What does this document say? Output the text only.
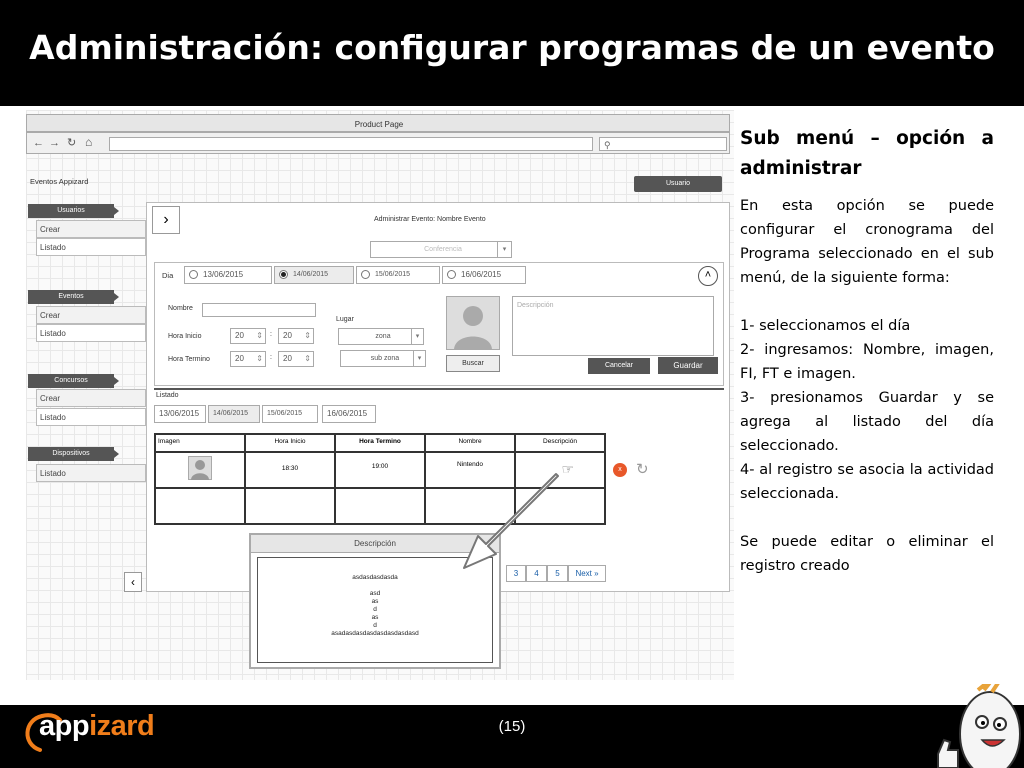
Administración: configurar programas de un evento
appizard	(15)
Product Page
← → ↻ ⌂	⚲
Eventos Appizard	Usuario
Usuarios
Crear
Listado
Eventos
Crear
Listado
Concursos
Crear
Listado
Dispositivos
Listado
‹
›	Administrar Evento: Nombre Evento
Conferencia	▾
Dia	13/06/2015	14/06/2015	15/06/2015	16/06/2015	˄
Nombre
Lugar
Hora Inicio	20 ⇕ :	20 ⇕	zona	▾
Hora Termino	20 ⇕ :	20 ⇕	sub zona	▾
Buscar
Descripción
Cancelar	Guardar
Listado
13/06/2015	14/06/2015	15/06/2015	16/06/2015
Imagen	Hora Inicio	Hora Termino	Nombre	Descripción
	18:30	19:00	Nintendo	☞
					x ↻
3	4	5	Next »
Descripción
asdasdasdasda
asd
as
d
as
d
asadasdasdasdasdasdasdasd
Sub menú – opción a administrar

En esta opción se puede configurar el cronograma del Programa seleccionado en el sub menú, de la siguiente forma:

1- seleccionamos el día

2- ingresamos: Nombre, imagen, FI, FT e imagen.

3- presionamos Guardar y se agrega al listado del día seleccionado.

4- al registro se asocia la actividad seleccionada.

Se puede editar o eliminar el registro creado
